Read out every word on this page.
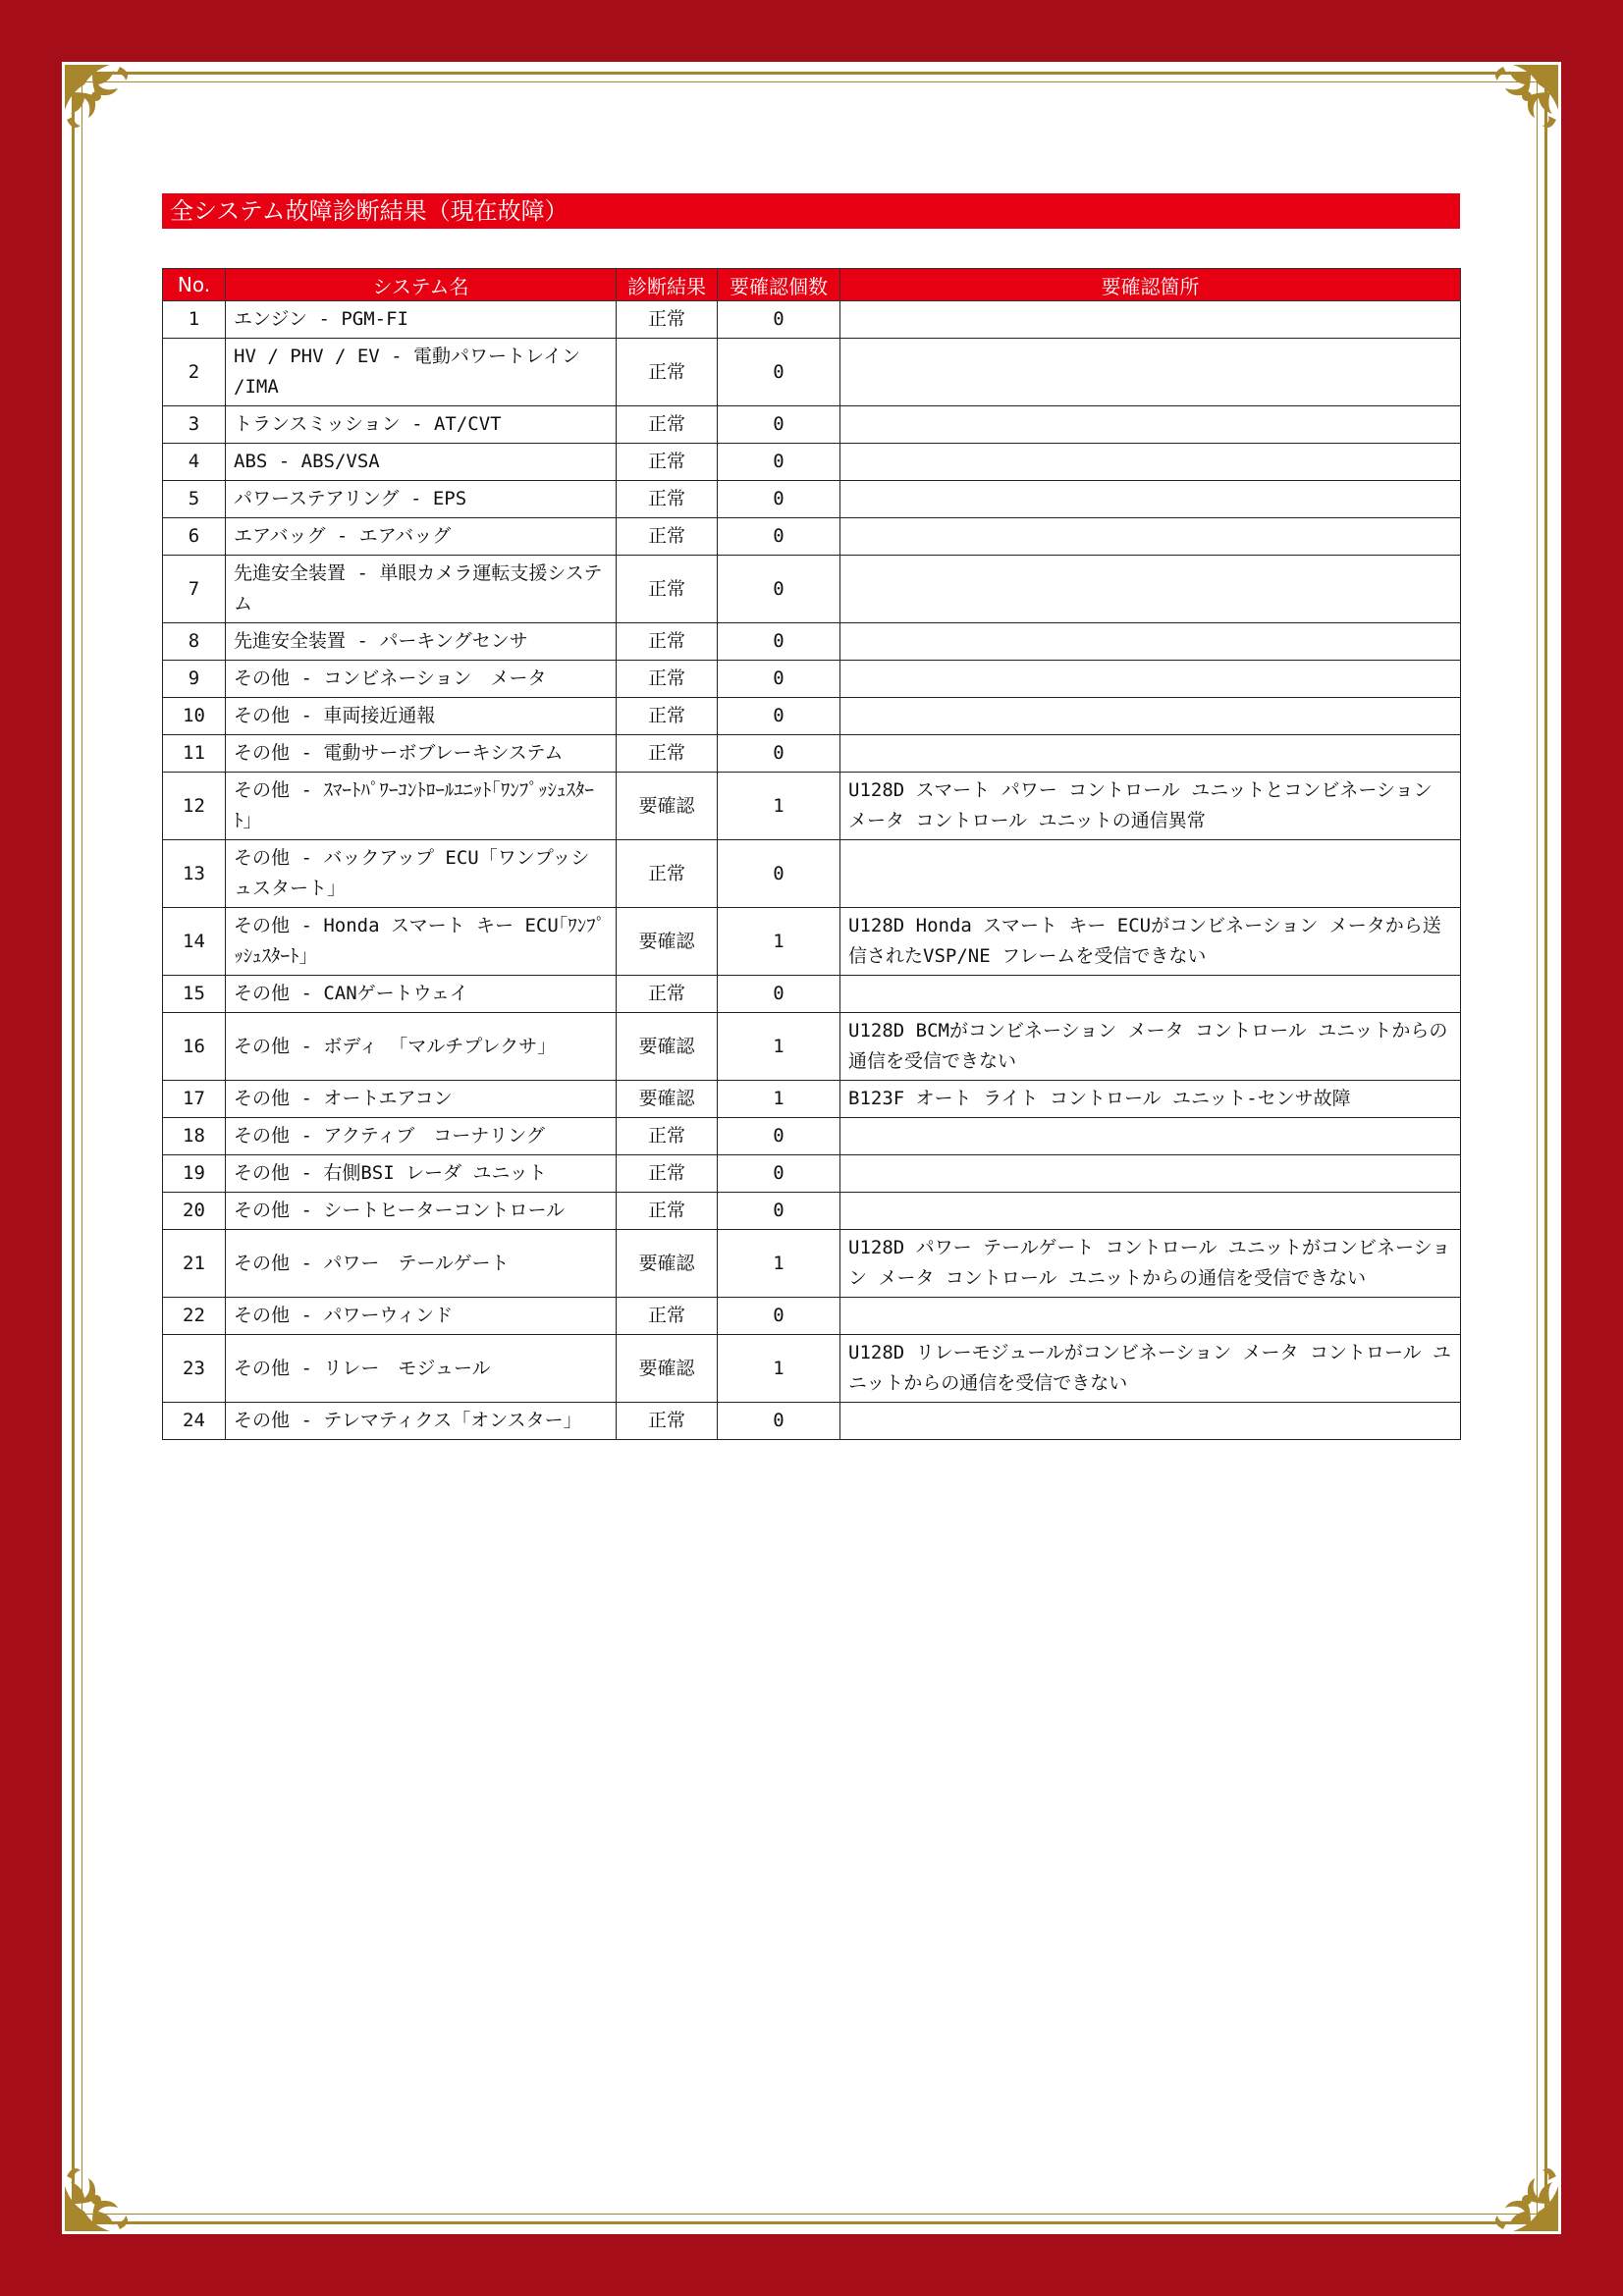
全システム故障診断結果（現在故障）
No.	システム名	診断結果	要確認個数	要確認箇所
1	エンジン - PGM-FI	正常	0	
2	HV / PHV / EV - 電動パワートレイン /IMA	正常	0	
3	トランスミッション - AT/CVT	正常	0	
4	ABS - ABS/VSA	正常	0	
5	パワーステアリング - EPS	正常	0	
6	エアバッグ - エアバッグ	正常	0	
7	先進安全装置 - 単眼カメラ運転支援システム	正常	0	
8	先進安全装置 - パーキングセンサ	正常	0	
9	その他 - コンビネーション　メータ	正常	0	
10	その他 - 車両接近通報	正常	0	
11	その他 - 電動サーボブレーキシステム	正常	0	
12	その他 - ｽﾏｰﾄﾊﾟﾜｰｺﾝﾄﾛｰﾙﾕﾆｯﾄ｢ﾜﾝﾌﾟｯｼｭｽﾀｰﾄ｣	要確認	1	U128D スマート パワー コントロール ユニットとコンビネーション メータ コントロール ユニットの通信異常
13	その他 - バックアップ ECU「ワンプッシュスタート」	正常	0	
14	その他 - Honda スマート キー ECU｢ﾜﾝﾌﾟｯｼｭｽﾀｰﾄ｣	要確認	1	U128D Honda スマート キー ECUがコンビネーション メータから送信されたVSP/NE フレームを受信できない
15	その他 - CANゲートウェイ	正常	0	
16	その他 - ボディ 「マルチプレクサ」	要確認	1	U128D BCMがコンビネーション メータ コントロール ユニットからの通信を受信できない
17	その他 - オートエアコン	要確認	1	B123F オート ライト コントロール ユニット-センサ故障
18	その他 - アクティブ　コーナリング	正常	0	
19	その他 - 右側BSI レーダ ユニット	正常	0	
20	その他 - シートヒーターコントロール	正常	0	
21	その他 - パワー　テールゲート	要確認	1	U128D パワー テールゲート コントロール ユニットがコンビネーション メータ コントロール ユニットからの通信を受信できない
22	その他 - パワーウィンド	正常	0	
23	その他 - リレー　モジュール	要確認	1	U128D リレーモジュールがコンビネーション メータ コントロール ユニットからの通信を受信できない
24	その他 - テレマティクス「オンスター」	正常	0	
